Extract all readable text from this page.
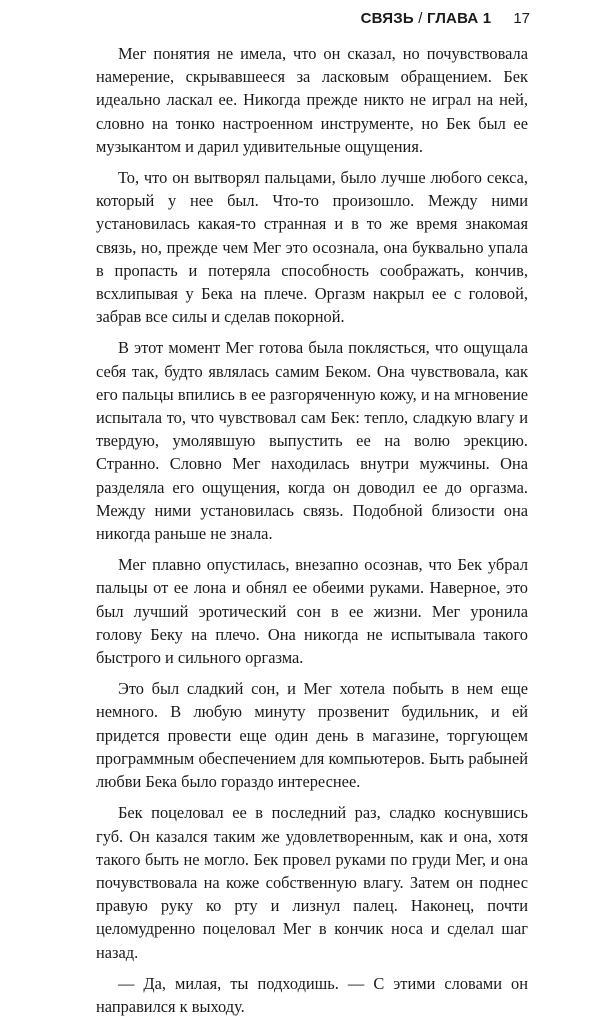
СВЯЗЬ / ГЛАВА 1 17

Мег понятия не имела, что он сказал, но почувствовала намерение, скрывавшееся за ласковым обращением. Бек идеально ласкал ее. Никогда прежде никто не играл на ней, словно на тонко настроенном инструменте, но Бек был ее музыкантом и дарил удивительные ощущения.

То, что он вытворял пальцами, было лучше любого секса, который у нее был. Что-то произошло. Между ними установилась какая-то странная и в то же время знакомая связь, но, прежде чем Мег это осознала, она буквально упала в пропасть и потеряла способность соображать, кончив, всхлипывая у Бека на плече. Оргазм накрыл ее с головой, забрав все силы и сделав покорной.

В этот момент Мег готова была поклясться, что ощущала себя так, будто являлась самим Беком. Она чувствовала, как его пальцы впились в ее разгоряченную кожу, и на мгновение испытала то, что чувствовал сам Бек: тепло, сладкую влагу и твердую, умолявшую выпустить ее на волю эрекцию. Странно. Словно Мег находилась внутри мужчины. Она разделяла его ощущения, когда он доводил ее до оргазма. Между ними установилась связь. Подобной близости она никогда раньше не знала.

Мег плавно опустилась, внезапно осознав, что Бек убрал пальцы от ее лона и обнял ее обеими руками. Наверное, это был лучший эротический сон в ее жизни. Мег уронила голову Беку на плечо. Она никогда не испытывала такого быстрого и сильного оргазма.

Это был сладкий сон, и Мег хотела побыть в нем еще немного. В любую минуту прозвенит будильник, и ей придется провести еще один день в магазине, торгующем программным обеспечением для компьютеров. Быть рабыней любви Бека было гораздо интереснее.

Бек поцеловал ее в последний раз, сладко коснувшись губ. Он казался таким же удовлетворенным, как и она, хотя такого быть не могло. Бек провел руками по груди Мег, и она почувствовала на коже собственную влагу. Затем он поднес правую руку ко рту и лизнул палец. Наконец, почти целомудренно поцеловал Мег в кончик носа и сделал шаг назад.

— Да, милая, ты подходишь. — С этими словами он направился к выходу.
